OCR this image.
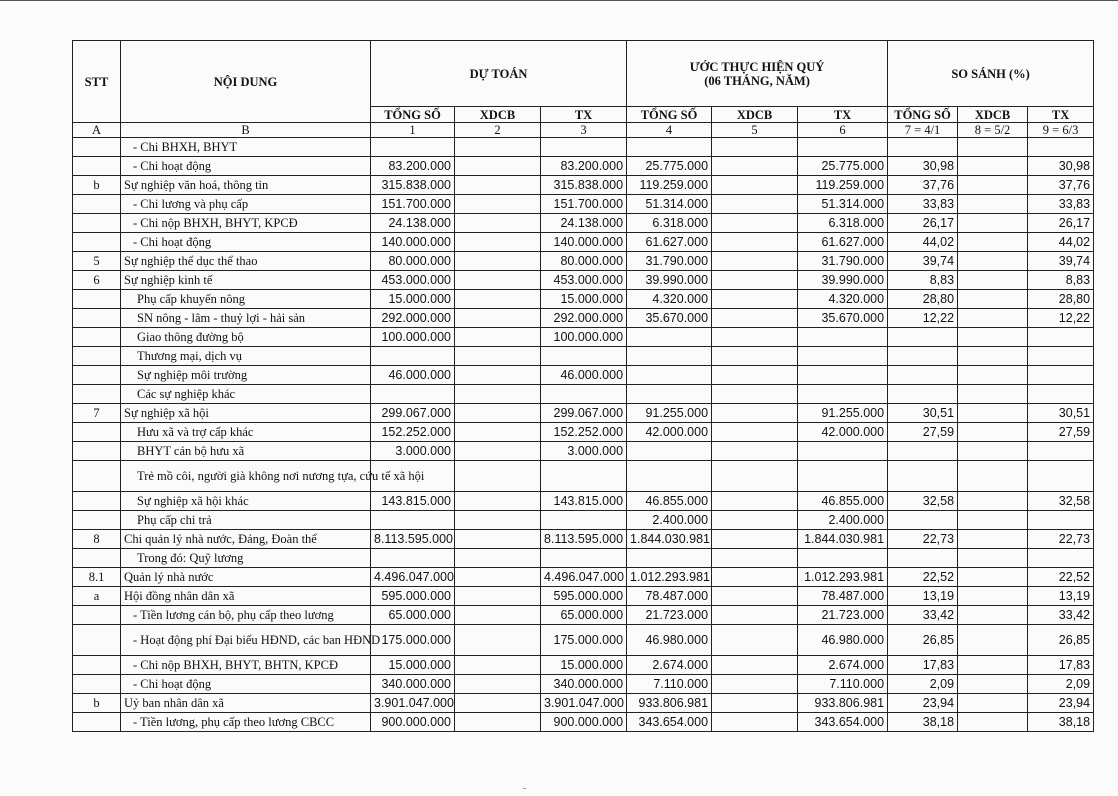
STT	NỘI DUNG	DỰ TOÁN			ƯỚC THỰC HIỆN QUÝ
(06 THÁNG, NĂM)			SO SÁNH (%)		
		TỔNG SỐ	XDCB	TX	TỔNG SỐ	XDCB	TX	TỔNG SỐ	XDCB	TX
A	B	1	2	3	4	5	6	7 = 4/1	8 = 5/2	9 = 6/3
	- Chi BHXH, BHYT									
	- Chi hoạt động	83.200.000		83.200.000	25.775.000		25.775.000	30,98		30,98
b	Sự nghiệp văn hoá, thông tin	315.838.000		315.838.000	119.259.000		119.259.000	37,76		37,76
	- Chi lương và phụ cấp	151.700.000		151.700.000	51.314.000		51.314.000	33,83		33,83
	- Chi nộp BHXH, BHYT, KPCĐ	24.138.000		24.138.000	6.318.000		6.318.000	26,17		26,17
	- Chi hoạt động	140.000.000		140.000.000	61.627.000		61.627.000	44,02		44,02
5	Sự nghiệp thể dục thể thao	80.000.000		80.000.000	31.790.000		31.790.000	39,74		39,74
6	Sự nghiệp kinh tế	453.000.000		453.000.000	39.990.000		39.990.000	8,83		8,83
	Phụ cấp khuyến nông	15.000.000		15.000.000	4.320.000		4.320.000	28,80		28,80
	SN nông - lâm - thuỷ lợi - hải sản	292.000.000		292.000.000	35.670.000		35.670.000	12,22		12,22
	Giao thông đường bộ	100.000.000		100.000.000						
	Thương mại, dịch vụ									
	Sự nghiệp môi trường	46.000.000		46.000.000						
	Các sự nghiệp khác									
7	Sự nghiệp xã hội	299.067.000		299.067.000	91.255.000		91.255.000	30,51		30,51
	Hưu xã và trợ cấp khác	152.252.000		152.252.000	42.000.000		42.000.000	27,59		27,59
	BHYT cán bộ hưu xã	3.000.000		3.000.000						
	Trẻ mồ côi, người già không nơi nương tựa, cứu tế xã hội									
	Sự nghiệp xã hội khác	143.815.000		143.815.000	46.855.000		46.855.000	32,58		32,58
	Phụ cấp chi trả				2.400.000		2.400.000			
8	Chi quản lý nhà nước, Đảng, Đoàn thể	8.113.595.000		8.113.595.000	1.844.030.981		1.844.030.981	22,73		22,73
	Trong đó: Quỹ lương									
8.1	Quản lý nhà nước	4.496.047.000		4.496.047.000	1.012.293.981		1.012.293.981	22,52		22,52
a	Hội đồng nhân dân xã	595.000.000		595.000.000	78.487.000		78.487.000	13,19		13,19
	- Tiền lương cán bộ, phụ cấp theo lương	65.000.000		65.000.000	21.723.000		21.723.000	33,42		33,42
	- Hoạt động phí Đại biểu HĐND, các ban HĐND	175.000.000		175.000.000	46.980.000		46.980.000	26,85		26,85
	- Chi nộp BHXH, BHYT, BHTN, KPCĐ	15.000.000		15.000.000	2.674.000		2.674.000	17,83		17,83
	- Chi hoạt động	340.000.000		340.000.000	7.110.000		7.110.000	2,09		2,09
b	Uỷ ban nhân dân xã	3.901.047.000		3.901.047.000	933.806.981		933.806.981	23,94		23,94
	- Tiền lương, phụ cấp theo lương CBCC	900.000.000		900.000.000	343.654.000		343.654.000	38,18		38,18
-
